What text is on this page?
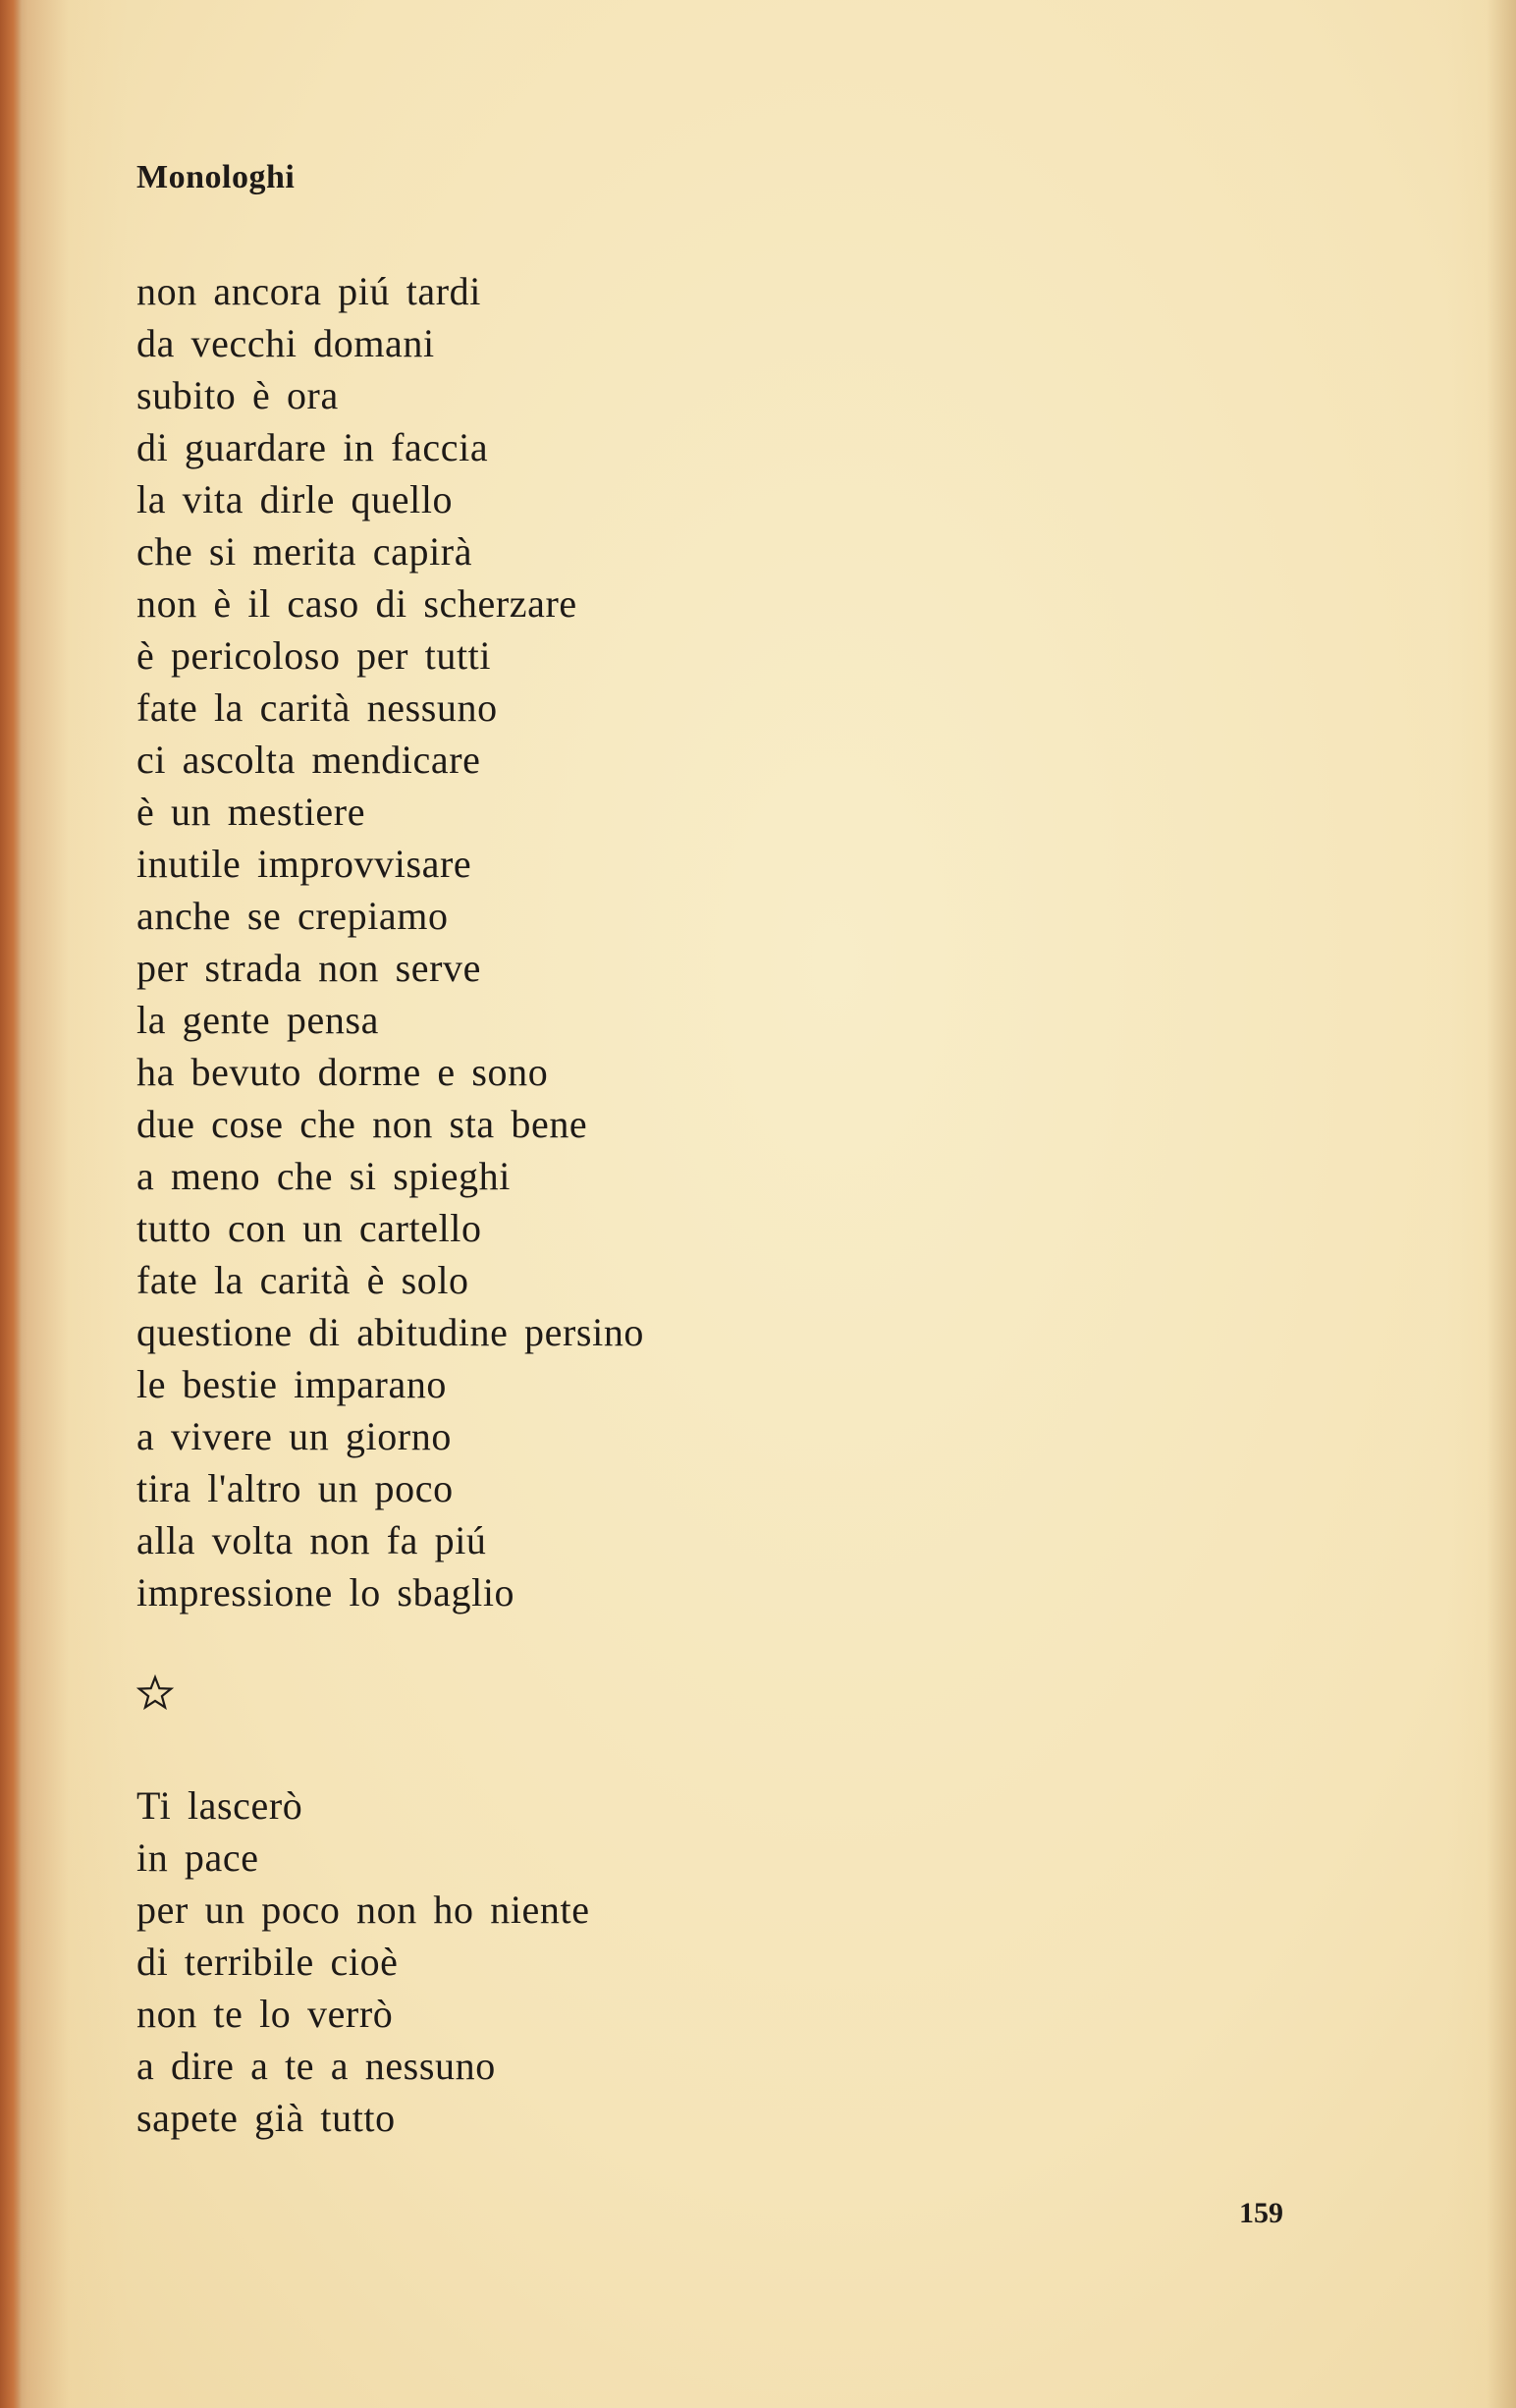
Monologhi
non ancora piú tardi
da vecchi domani
subito è ora
di guardare in faccia
la vita dirle quello
che si merita capirà
non è il caso di scherzare
è pericoloso per tutti
fate la carità nessuno
ci ascolta mendicare
è un mestiere
inutile improvvisare
anche se crepiamo
per strada non serve
la gente pensa
ha bevuto dorme e sono
due cose che non sta bene
a meno che si spieghi
tutto con un cartello
fate la carità è solo
questione di abitudine persino
le bestie imparano
a vivere un giorno
tira l'altro un poco
alla volta non fa piú
impressione lo sbaglio
Ti lascerò
in pace
per un poco non ho niente
di terribile cioè
non te lo verrò
a dire a te a nessuno
sapete già tutto

159
